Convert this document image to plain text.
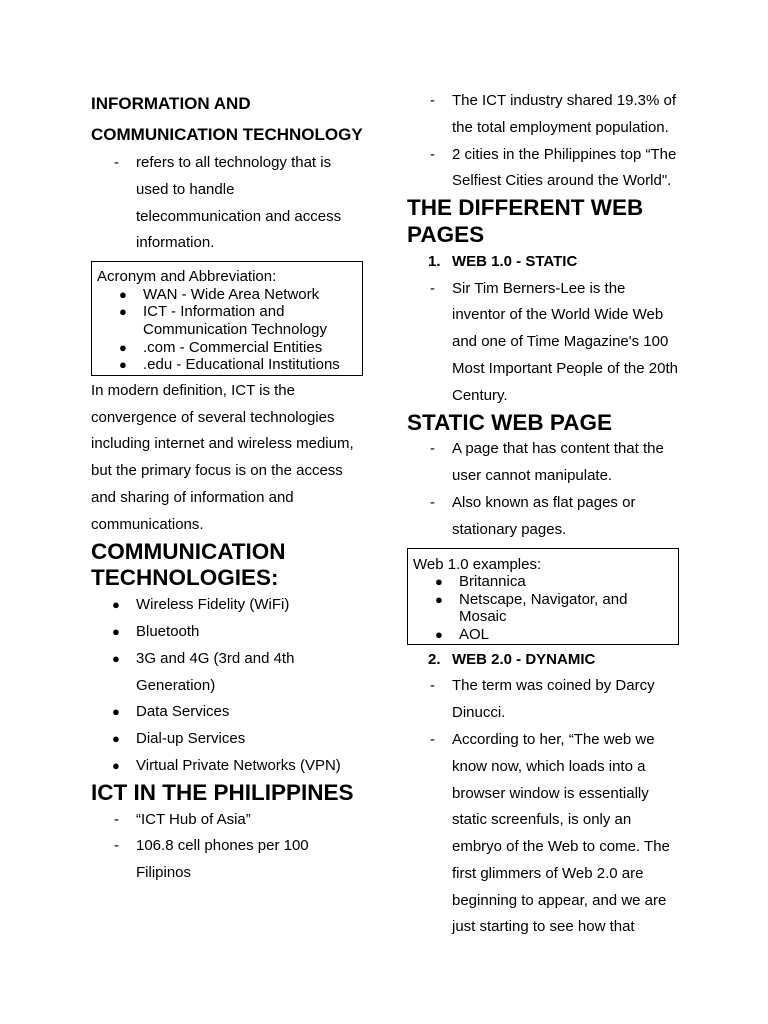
INFORMATION AND COMMUNICATION TECHNOLOGY

- refers to all technology that is used to handle telecommunication and access information.

Acronym and Abbreviation:
● WAN - Wide Area Network
● ICT - Information and Communication Technology
● .com - Commercial Entities
● .edu - Educational Institutions

In modern definition, ICT is the convergence of several technologies including internet and wireless medium, but the primary focus is on the access and sharing of information and communications.

COMMUNICATION TECHNOLOGIES:
● Wireless Fidelity (WiFi)
● Bluetooth
● 3G and 4G (3rd and 4th Generation)
● Data Services
● Dial-up Services
● Virtual Private Networks (VPN)
ICT IN THE PHILIPPINES

- “ICT Hub of Asia”

- 106.8 cell phones per 100 Filipinos

- The ICT industry shared 19.3% of the total employment population.

- 2 cities in the Philippines top “The Selfiest Cities around the World".

THE DIFFERENT WEB PAGES
1. WEB 1.0 - STATIC

- Sir Tim Berners-Lee is the inventor of the World Wide Web and one of Time Magazine's 100 Most Important People of the 20th Century.

STATIC WEB PAGE

- A page that has content that the user cannot manipulate.

- Also known as flat pages or stationary pages.

Web 1.0 examples:
● Britannica
● Netscape, Navigator, and Mosaic
● AOL
2. WEB 2.0 - DYNAMIC

- The term was coined by Darcy Dinucci.

- According to her, “The web we know now, which loads into a browser window is essentially static screenfuls, is only an embryo of the Web to come. The first glimmers of Web 2.0 are beginning to appear, and we are just starting to see how that
